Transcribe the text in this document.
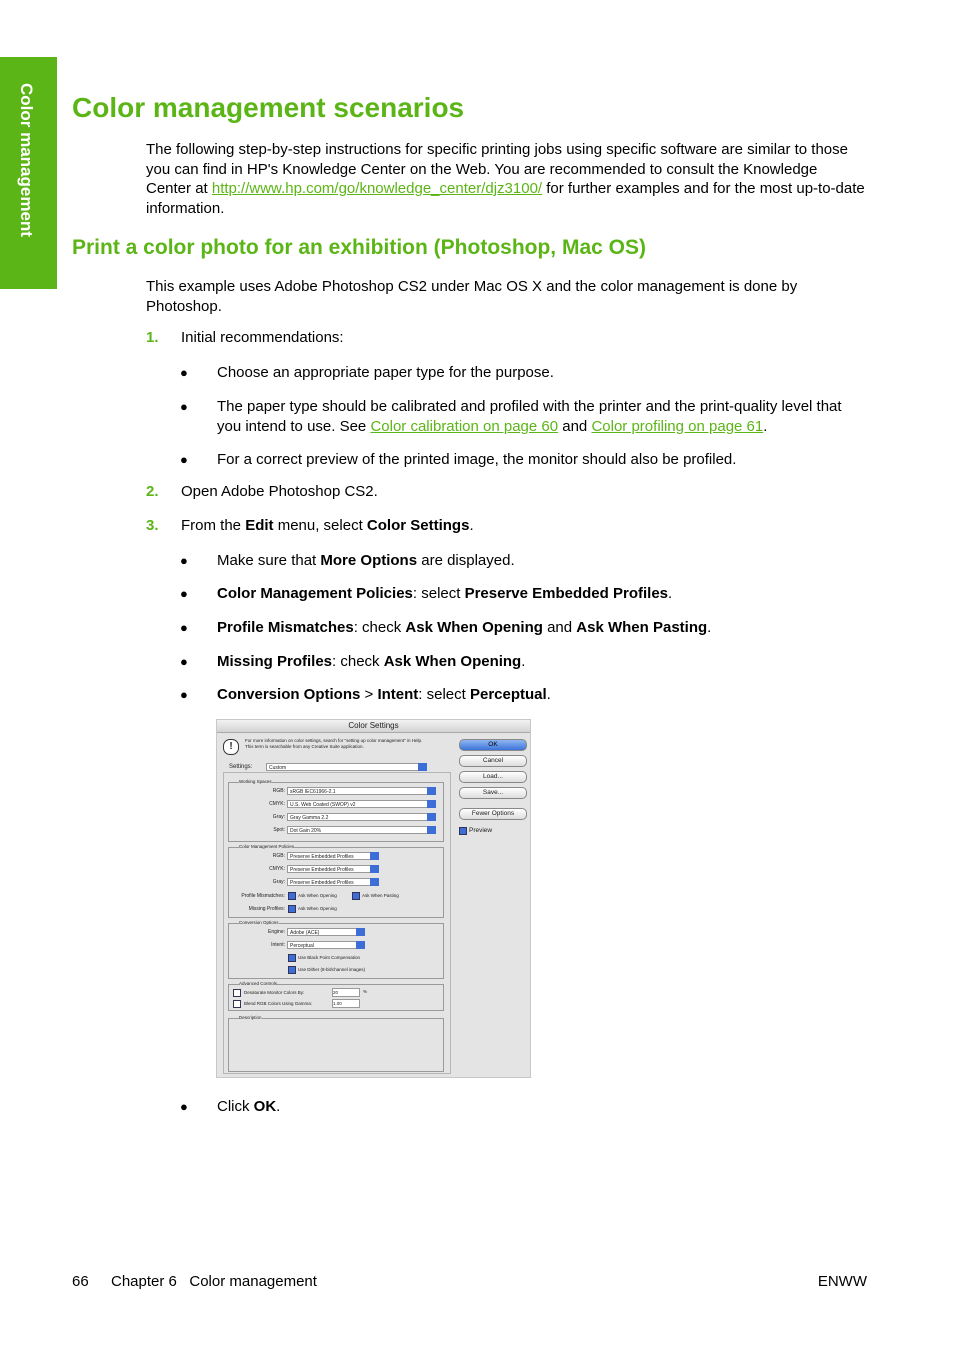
Color management Color management scenarios

The following step-by-step instructions for specific printing jobs using specific software are similar to those you can find in HP's Knowledge Center on the Web. You are recommended to consult the Knowledge Center at http://www.hp.com/go/knowledge_center/djz3100/ for further examples and for the most up-to-date information.

Print a color photo for an exhibition (Photoshop, Mac OS)

This example uses Adobe Photoshop CS2 under Mac OS X and the color management is done by Photoshop.

1. Initial recommendations:
● Choose an appropriate paper type for the purpose.
● The paper type should be calibrated and profiled with the printer and the print-quality level that you intend to use. See Color calibration on page 60 and Color profiling on page 61.
● For a correct preview of the printed image, the monitor should also be profiled.
2. Open Adobe Photoshop CS2.
3. From the Edit menu, select Color Settings.
● Make sure that More Options are displayed.
● Color Management Policies: select Preserve Embedded Profiles.
● Profile Mismatches: check Ask When Opening and Ask When Pasting.
● Missing Profiles: check Ask When Opening.
● Conversion Options > Intent: select Perceptual.
Color Settings
!
For more information on color settings, search for "setting up color management" in Help. This term is searchable from any Creative Suite application.
Settings:	Custom
Working Spaces
RGB:	sRGB IEC61966-2.1
CMYK:	U.S. Web Coated (SWOP) v2
Gray:	Gray Gamma 2.2
Spot:	Dot Gain 20%
Color Management Policies
RGB:	Preserve Embedded Profiles
CMYK:	Preserve Embedded Profiles
Gray:	Preserve Embedded Profiles
Profile Mismatches:	Ask When Opening	Ask When Pasting
Missing Profiles:	Ask When Opening
Conversion Options
Engine:	Adobe (ACE)
Intent:	Perceptual
Use Black Point Compensation
Use Dither (8-bit/channel images)
Advanced Controls
Desaturate Monitor Colors By:	20	%
Blend RGB Colors Using Gamma:	1.00
Description
OK
Cancel
Load...
Save...
Fewer Options
Preview
● Click OK.
66 Chapter 6   Color management	ENWW
